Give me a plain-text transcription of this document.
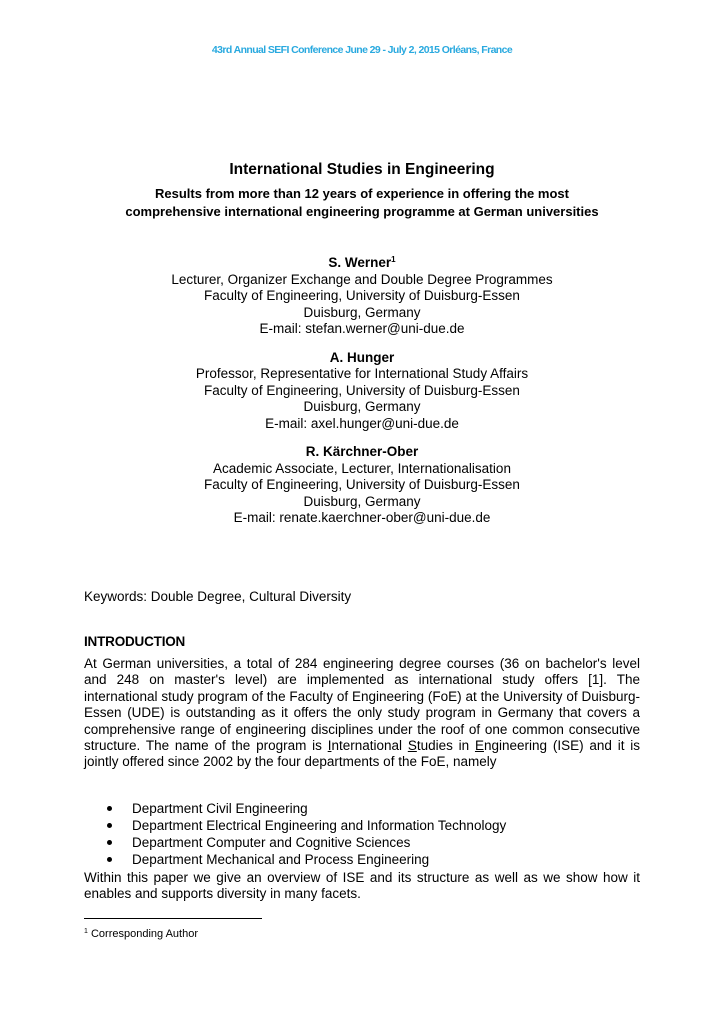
43rd Annual SEFI Conference June 29 - July 2, 2015 Orléans, France
International Studies in Engineering
Results from more than 12 years of experience in offering the most
comprehensive international engineering programme at German universities
S. Werner$^1$
Lecturer, Organizer Exchange and Double Degree Programmes
Faculty of Engineering, University of Duisburg-Essen
Duisburg, Germany
E-mail: stefan.werner@uni-due.de
A. Hunger
Professor, Representative for International Study Affairs
Faculty of Engineering, University of Duisburg-Essen
Duisburg, Germany
E-mail: axel.hunger@uni-due.de
R. Kärchner-Ober
Academic Associate, Lecturer, Internationalisation
Faculty of Engineering, University of Duisburg-Essen
Duisburg, Germany
E-mail: renate.kaerchner-ober@uni-due.de
Keywords: Double Degree, Cultural Diversity
INTRODUCTION
At German universities, a total of 284 engineering degree courses (36 on bachelor's level and 248 on master's level) are implemented as international study offers [1]. The international study program of the Faculty of Engineering (FoE) at the University of Duisburg-Essen (UDE) is outstanding as it offers the only study program in Germany that covers a comprehensive range of engineering disciplines under the roof of one common consecutive structure. The name of the program is International Studies in Engineering (ISE) and it is jointly offered since 2002 by the four departments of the FoE, namely
Department Civil Engineering
Department Electrical Engineering and Information Technology
Department Computer and Cognitive Sciences
Department Mechanical and Process Engineering
Within this paper we give an overview of ISE and its structure as well as we show how it enables and supports diversity in many facets.
$^1$ Corresponding Author
